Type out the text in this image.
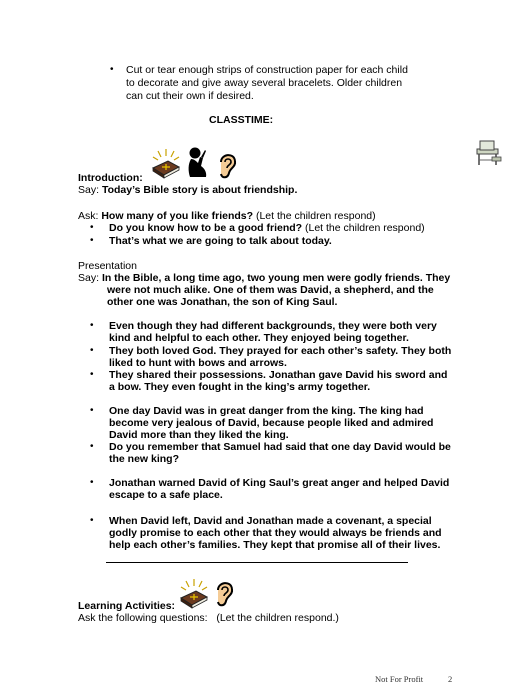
• Cut or tear enough strips of construction paper for each child
to decorate and give away several bracelets. Older children
can cut their own if desired.
CLASSTIME:
Introduction:
Say: Today’s Bible story is about friendship.
Ask: How many of you like friends? (Let the children respond)
• Do you know how to be a good friend? (Let the children respond)
• That’s what we are going to talk about today.
Presentation
Say: In the Bible, a long time ago, two young men were godly friends. They
were not much alike. One of them was David, a shepherd, and the
other one was Jonathan, the son of King Saul.
• Even though they had different backgrounds, they were both very
kind and helpful to each other. They enjoyed being together.
• They both loved God. They prayed for each other’s safety. They both
liked to hunt with bows and arrows.
• They shared their possessions. Jonathan gave David his sword and
a bow. They even fought in the king’s army together.
• One day David was in great danger from the king. The king had
become very jealous of David, because people liked and admired
David more than they liked the king.
• Do you remember that Samuel had said that one day David would be
the new king?
• Jonathan warned David of King Saul’s great anger and helped David
escape to a safe place.
• When David left, David and Jonathan made a covenant, a special
godly promise to each other that they would always be friends and
help each other’s families. They kept that promise all of their lives.
Learning Activities:
Ask the following questions: (Let the children respond.)
Not For Profit	2
